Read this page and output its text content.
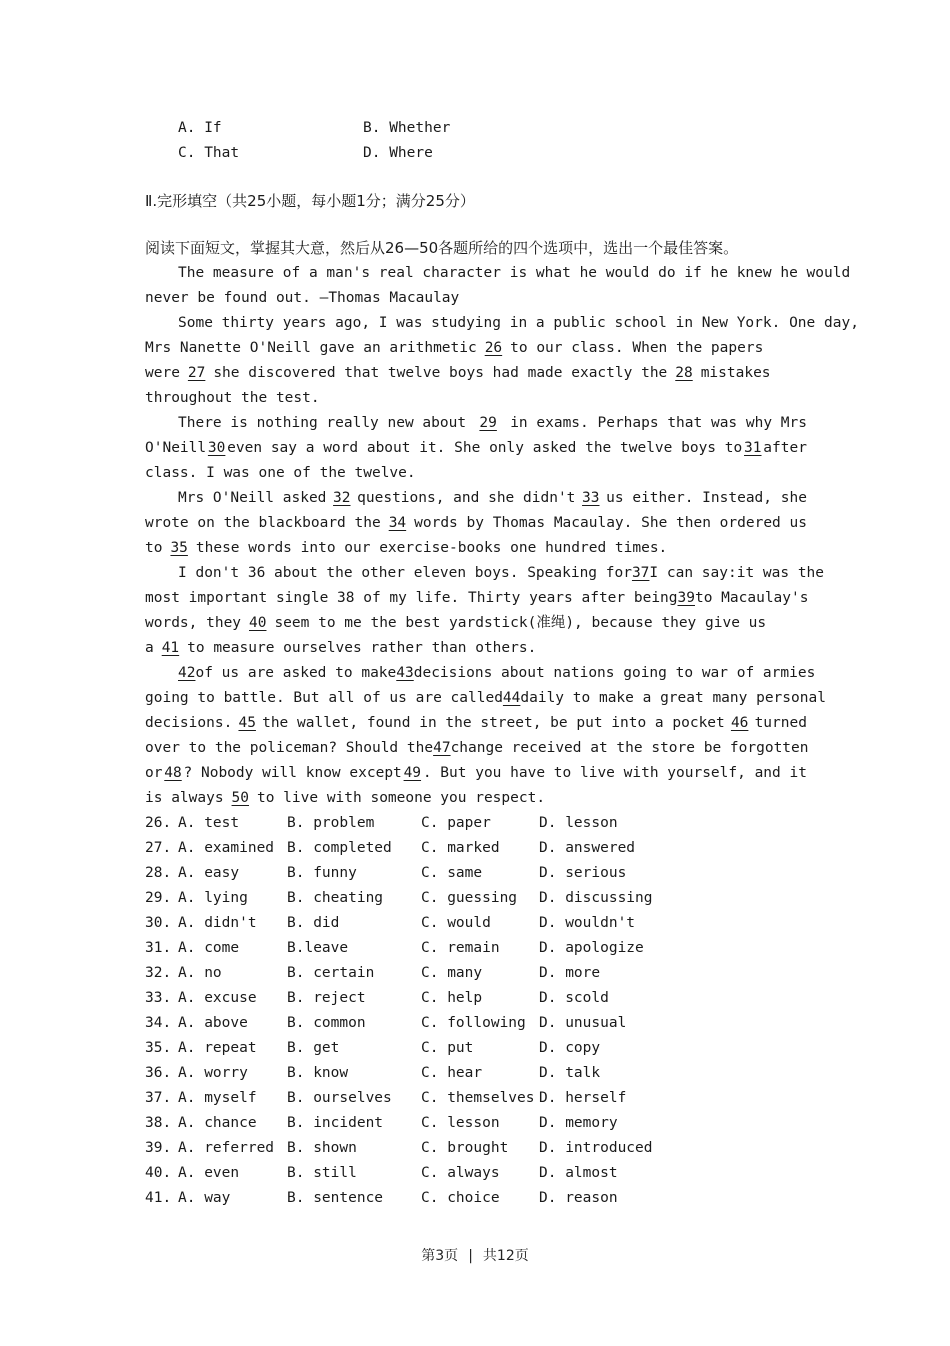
A. If	B. Whether
C. That	D. Where
Ⅱ.完形填空（共25小题，每小题1分；满分25分）
阅读下面短文，掌握其大意，然后从26—50各题所给的四个选项中，选出一个最佳答案。
The measure of a man's real character is what he would do if he knew he would
never be found out. —Thomas Macaulay
Some thirty years ago, I was studying in a public school in New York. One day,
Mrs Nanette O'Neill gave an arithmetic 26 to our class. When the papers
were 27 she discovered that twelve boys had made exactly the 28 mistakes
throughout the test.
There is nothing really new about 29 in exams. Perhaps that was why Mrs
O'Neill 30 even say a word about it. She only asked the twelve boys to 31 after
class. I was one of the twelve.
Mrs O'Neill asked 32 questions, and she didn't 33 us either. Instead, she
wrote on the blackboard the 34 words by Thomas Macaulay. She then ordered us
to 35 these words into our exercise-books one hundred times.
I don't 36 about the other eleven boys. Speaking for 37 I can say:it was the
most important single 38 of my life. Thirty years after being 39 to Macaulay's
words, they 40 seem to me the best yardstick(准绳), because they give us
a 41 to measure ourselves rather than others.
42 of us are asked to make 43 decisions about nations going to war of armies
going to battle. But all of us are called 44 daily to make a great many personal
decisions. 45 the wallet, found in the street, be put into a pocket 46 turned
over to the policeman? Should the 47 change received at the store be forgotten
or 48 ? Nobody will know except 49 . But you have to live with yourself, and it
is always 50 to live with someone you respect.
26. A. test	B. problem	C. paper	D. lesson
27. A. examined B. completed C. marked	D. answered
28. A. easy	B. funny	C. same	D. serious
29. A. lying	B. cheating	C. guessing D. discussing
30. A. didn't B. did	C. would	D. wouldn't
31. A. come	B.leave	C. remain	D. apologize
32. A. no	B. certain	C. many	D. more
33. A. excuse B. reject	C. help	D. scold
34. A. above	B. common	C. following D. unusual
35. A. repeat B. get	C. put	D. copy
36. A. worry	B. know	C. hear	D. talk
37. A. myself B. ourselves C. themselves D. herself
38. A. chance B. incident	C. lesson	D. memory
39. A. referred B. shown	C. brought D. introduced
40. A. even	B. still	C. always	D. almost
41. A. way	B. sentence	C. choice	D. reason
第3页 | 共12页
